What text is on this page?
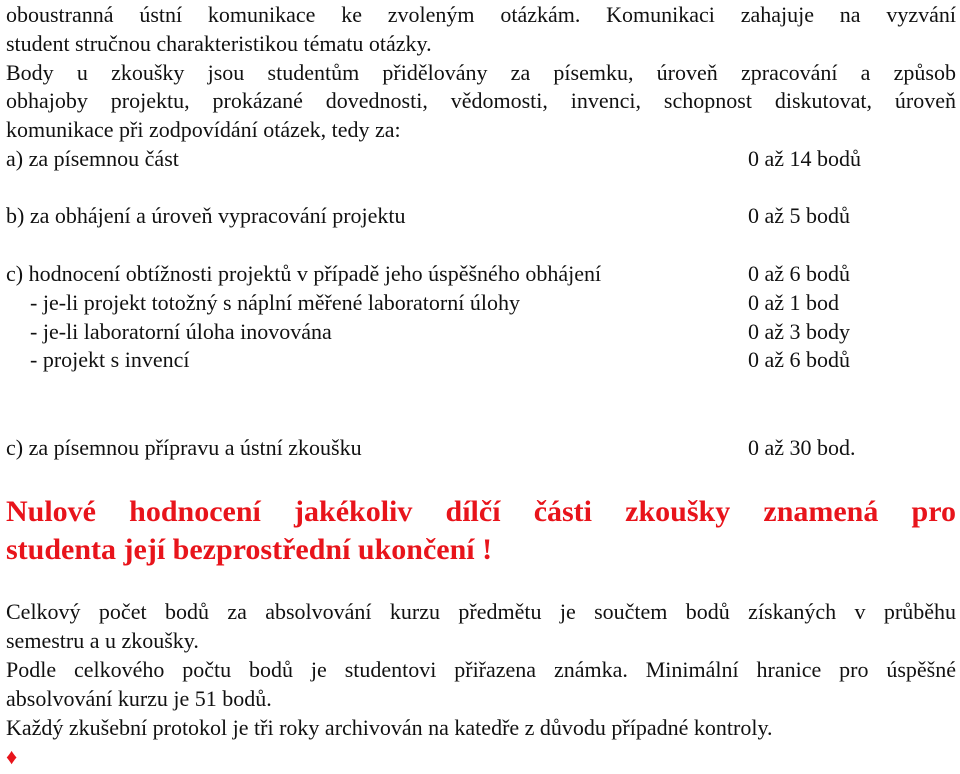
oboustranná ústní komunikace ke zvoleným otázkám. Komunikaci zahajuje na vyzvání
student stručnou charakteristikou tématu otázky.
Body u zkoušky jsou studentům přidělovány za písemku, úroveň zpracování a způsob
obhajoby projektu, prokázané dovednosti, vědomosti, invenci, schopnost diskutovat, úroveň
komunikace při zodpovídání otázek, tedy za:
a) za písemnou část	0 až 14 bodů
b) za obhájení a úroveň vypracování projektu	0 až 5 bodů
c) hodnocení obtížnosti projektů v případě jeho úspěšného obhájení	0 až 6 bodů
- je-li projekt totožný s náplní měřené laboratorní úlohy	0 až 1 bod
- je-li laboratorní úloha inovována	0 až 3 body
- projekt s invencí	0 až 6 bodů
c) za písemnou přípravu a ústní zkoušku	0 až 30 bod.
Nulové hodnocení jakékoliv dílčí části zkoušky znamená pro
studenta její bezprostřední ukončení !
Celkový počet bodů za absolvování kurzu předmětu je součtem bodů získaných v průběhu
semestru a u zkoušky.
Podle celkového počtu bodů je studentovi přiřazena známka. Minimální hranice pro úspěšné
absolvování kurzu je 51 bodů.
Každý zkušební protokol je tři roky archivován na katedře z důvodu případné kontroly.
♦
